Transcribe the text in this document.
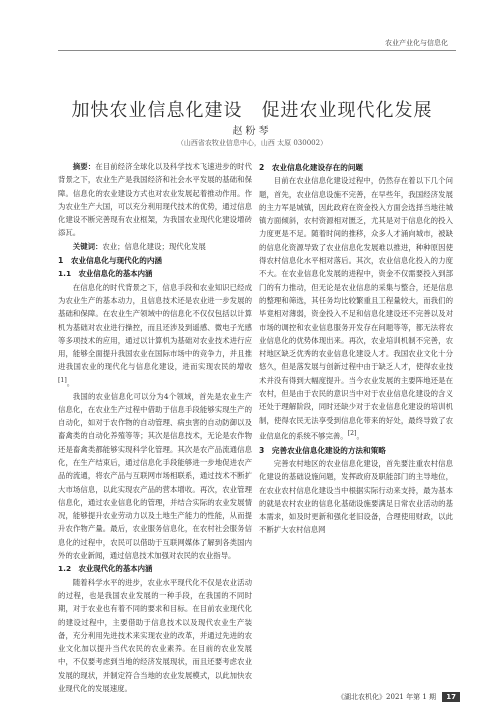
农业产业化与信息化
加快农业信息化建设　促进农业现代化发展
赵粉琴
（山西省农牧业信息中心，山西 太原 030002）

摘要：在目前经济全球化以及科学技术飞速进步的时代背景之下，农业生产是我国经济和社会水平发展的基础和保障。信息化的农业建设方式也对农业发展起着推动作用。作为农业生产大国，可以充分利用现代技术的优势，通过信息化建设不断完善现有农业框架，为我国农业现代化建设增砖添瓦。

关键词：农业；信息化建设；现代化发展

1　农业信息化与现代化的内涵
1.1　农业信息化的基本内涵

在信息化的时代背景之下，信息手段和农业知识已经成为农业生产的基本动力，且信息技术还是农业进一步发展的基础和保障。在农业生产领域中的信息化不仅仅包括以计算机为基础对农业进行操控，而且还涉及到遥感、微电子光感等多项技术的应用，通过以计算机为基础对农业技术进行应用，能够全面提升我国农业在国际市场中的竞争力，并且推进我国农业的现代化与信息化建设，进而实现农民的增收[1]。

我国的农业信息化可以分为4个领域，首先是农业生产信息化，在农业生产过程中借助于信息手段能够实现生产的自动化，如对于农作物的自动管理、病虫害的自动防御以及畜禽类的自动化养殖等等；其次是信息技术，无论是农作物还是畜禽类都能够实现科学化管理。其次是农产品流通信息化，在生产结束后，通过信息化手段能够进一步地促进农产品的流通，将农产品与互联网市场相联系，通过技术不断扩大市场信息，以此实现农产品的营本增收。再次，农业管理信息化，通过农业信息化的管理，并结合实际的农业发展情况，能够提升农业劳动力以及土地生产能力的性能，从而提升农作物产量。最后，农业服务信息化，在农村社会服务信息化的过程中，农民可以借助于互联网媒体了解到各类国内外的农业新闻，通过信息技术加强对农民的农业指导。

1.2　农业现代化的基本内涵

随着科学水平的进步，农业水平现代化不仅是农业活动的过程，也是我国农业发展的一种手段，在我国的不同时期，对于农业也有着不同的要求和目标。在目前农业现代化的建设过程中，主要借助于信息技术以及现代农业生产装备，充分利用先进技术来实现农业的改革，并通过先进的农业文化加以提升当代农民的农业素养。在目前的农业发展中，不仅要考虑到当地的经济发展现状，而且还要考虑农业发展的现状，并制定符合当地的农业发展模式，以此加快农业现代化的发展速度。

2　农业信息化建设存在的问题

目前在农业信息化建设过程中，仍然存在着以下几个问题，首先，农业信息设施不完善，在早些年，我国经济发展的主力军是城镇，因此政府在资金投入方面会选择当地往城镇方面倾斜，农村资源相对匮乏，尤其是对于信息化的投入力度更是不足。随着时间的推移，众多人才涌向城市，被缺的信息化资源导致了农业信息化发展难以推进，种种原因使得农村信息化水平相对落后。其次，农业信息化投入的力度不大。在农业信息化发展的进程中，资金不仅需要投入到部门的有力推动，但无论是农业信息的采集与整合，还是信息的整理和筛选，其任务均比较繁重且工程量较大，而我们的毕竟相对薄弱，资金投入不足和信息化建设还不完善以及对市场的调控和农业信息服务开发存在问题等等，都无法将农业信息化的优势体现出来。再次，农业培训机制不完善，农村地区缺乏优秀的农业信息化建设人才。我国农业文化十分悠久，但是落发展与创新过程中由于缺乏人才，使得农业技术并没有得到大幅度提升。当今农业发展的主要阵地还是在农村，但是由于农民的意识当中对于农业信息化建设的含义还处于理解阶段，同时还缺少对于农业信息化建设的培训机制，使得农民无法享受到信息化带来的好处，最终导致了农业信息化的系统不够完善。[2]。

3　完善农业信息化建设的方法和策略

完善农村地区的农业信息化建设，首先要注重农村信息化建设的基础设施问题，发挥政府及职能部门的主导地位，在农业农村信息化建设当中根据实际行动来支持，最为基本的就是农村农业的信息化基础设施要满足日常农业活动的基本需求，如及时更新和强化老旧设备，合理使用财政，以此不断扩大农村信息网

《湖北农机化》2021 年第 1 期 17
